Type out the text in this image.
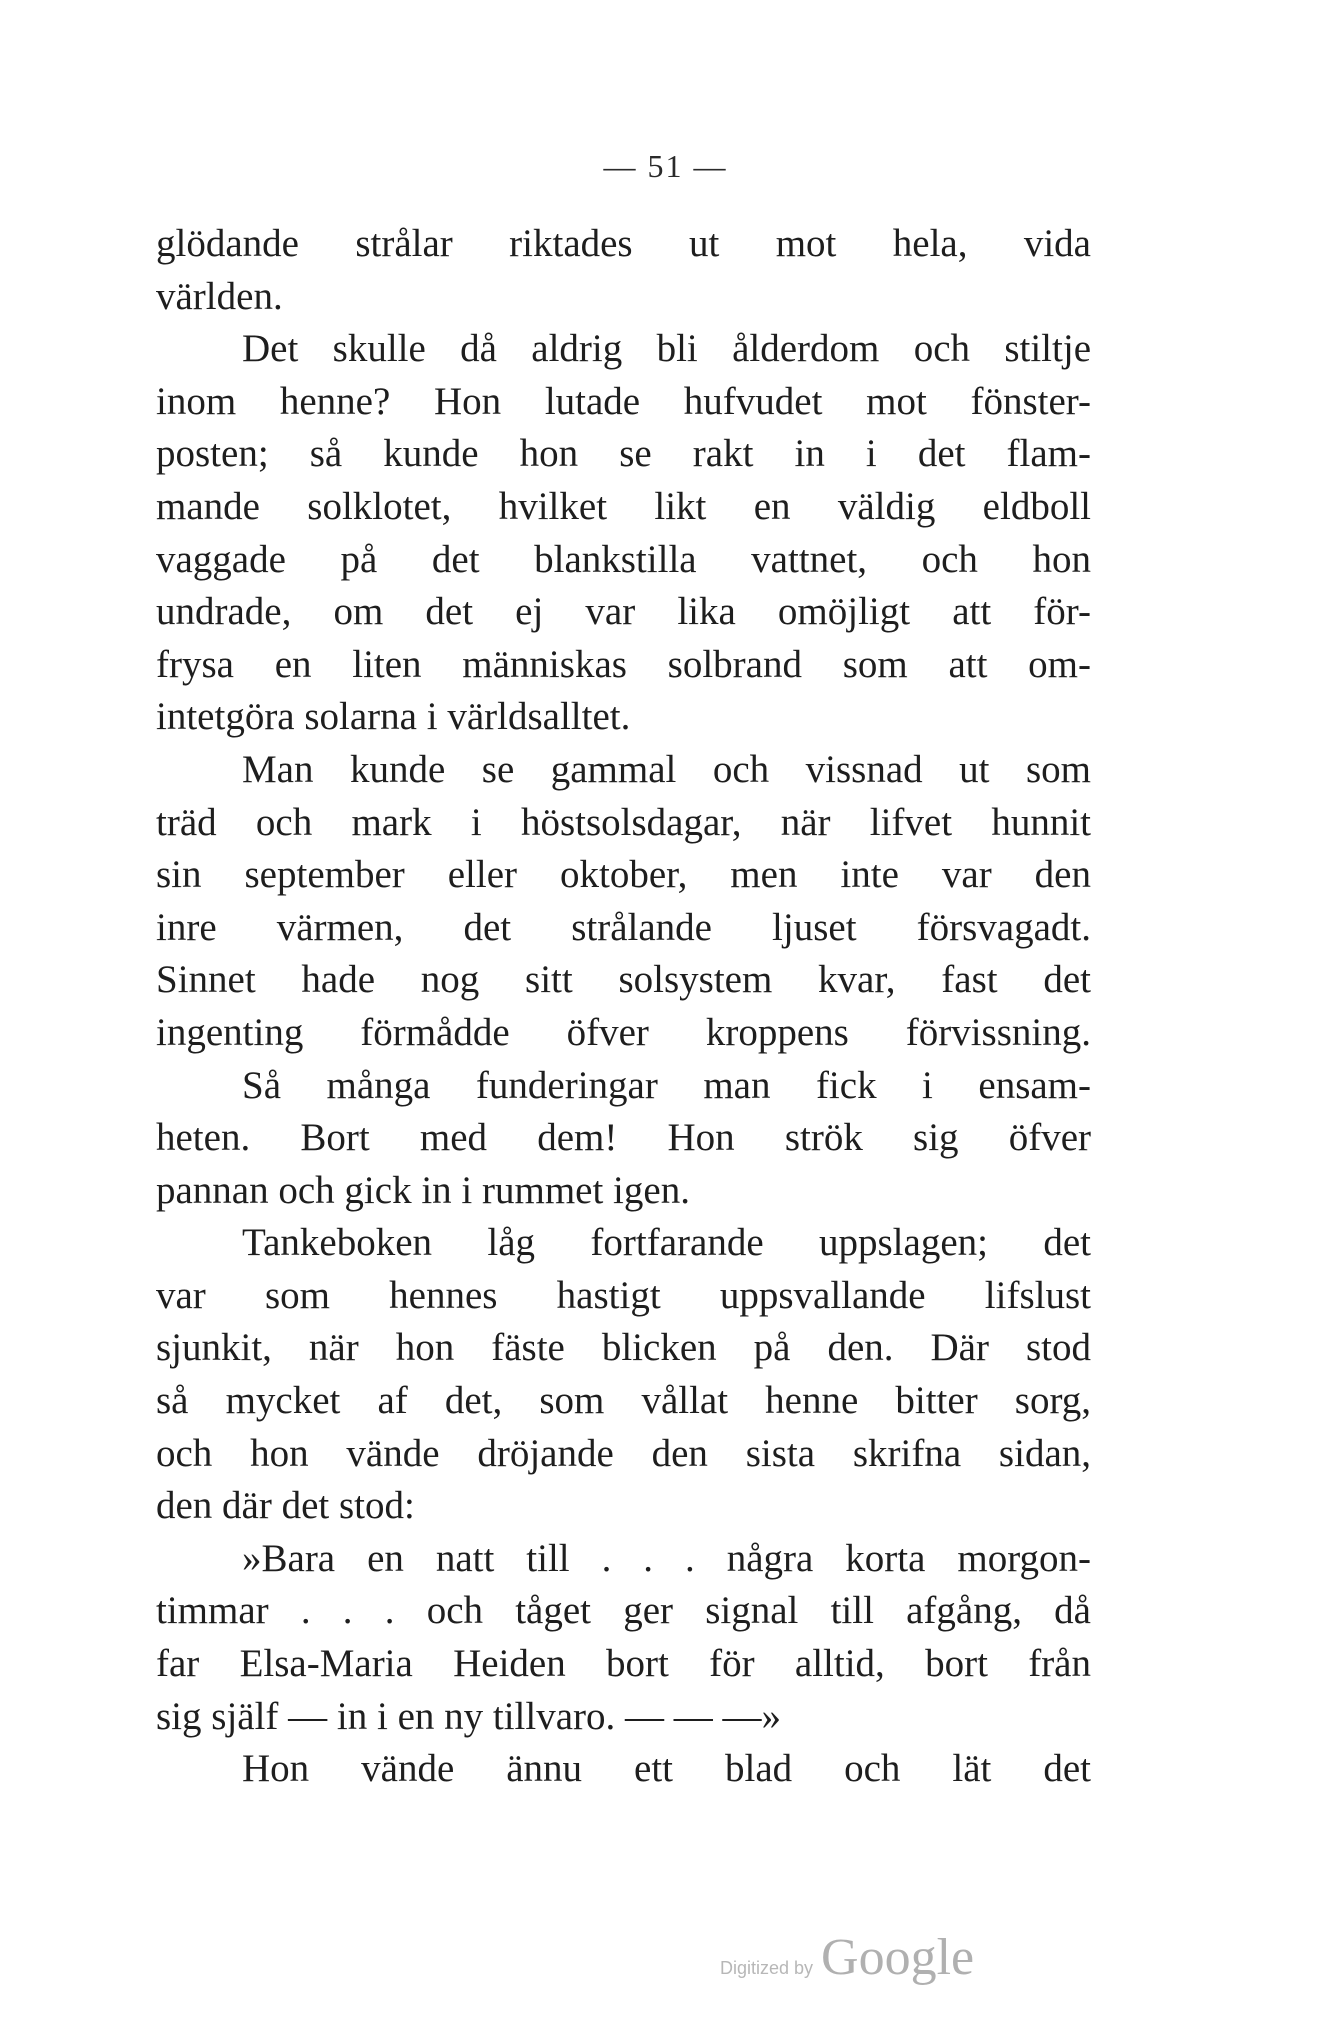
— 51 —
glödande strålar riktades ut mot hela, vida
världen.
Det skulle då aldrig bli ålderdom och stiltje
inom henne? Hon lutade hufvudet mot fönster-
posten; så kunde hon se rakt in i det flam-
mande solklotet, hvilket likt en väldig eldboll
vaggade på det blankstilla vattnet, och hon
undrade, om det ej var lika omöjligt att för-
frysa en liten människas solbrand som att om-
intetgöra solarna i världsalltet.
Man kunde se gammal och vissnad ut som
träd och mark i höstsolsdagar, när lifvet hunnit
sin september eller oktober, men inte var den
inre värmen, det strålande ljuset försvagadt.
Sinnet hade nog sitt solsystem kvar, fast det
ingenting förmådde öfver kroppens förvissning.
Så många funderingar man fick i ensam-
heten. Bort med dem! Hon strök sig öfver
pannan och gick in i rummet igen.
Tankeboken låg fortfarande uppslagen; det
var som hennes hastigt uppsvallande lifslust
sjunkit, när hon fäste blicken på den. Där stod
så mycket af det, som vållat henne bitter sorg,
och hon vände dröjande den sista skrifna sidan,
den där det stod:
»Bara en natt till . . . några korta morgon-
timmar . . . och tåget ger signal till afgång, då
far Elsa-Maria Heiden bort för alltid, bort från
sig själf — in i en ny tillvaro. — — —»
Hon vände ännu ett blad och lät det
Digitized by Google
